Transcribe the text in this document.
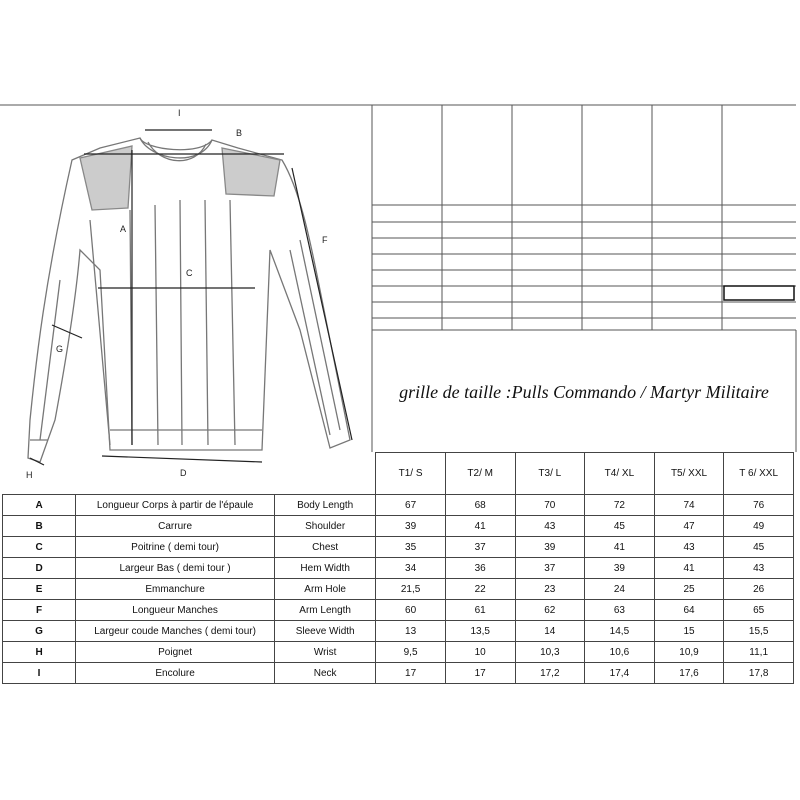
I
B
A
F
C
G
H	D
grille de taille :Pulls Commando / Martyr Militaire
			T1/ S	T2/ M	T3/ L	T4/ XL	T5/ XXL	T 6/ XXL
A	Longueur Corps à partir de l'épaule	Body Length	67	68	70	72	74	76
B	Carrure	Shoulder	39	41	43	45	47	49
C	Poitrine ( demi tour)	Chest	35	37	39	41	43	45
D	Largeur Bas ( demi tour )	Hem Width	34	36	37	39	41	43
E	Emmanchure	Arm Hole	21,5	22	23	24	25	26
F	Longueur Manches	Arm Length	60	61	62	63	64	65
G	Largeur coude Manches ( demi tour)	Sleeve Width	13	13,5	14	14,5	15	15,5
H	Poignet	Wrist	9,5	10	10,3	10,6	10,9	11,1
I	Encolure	Neck	17	17	17,2	17,4	17,6	17,8
